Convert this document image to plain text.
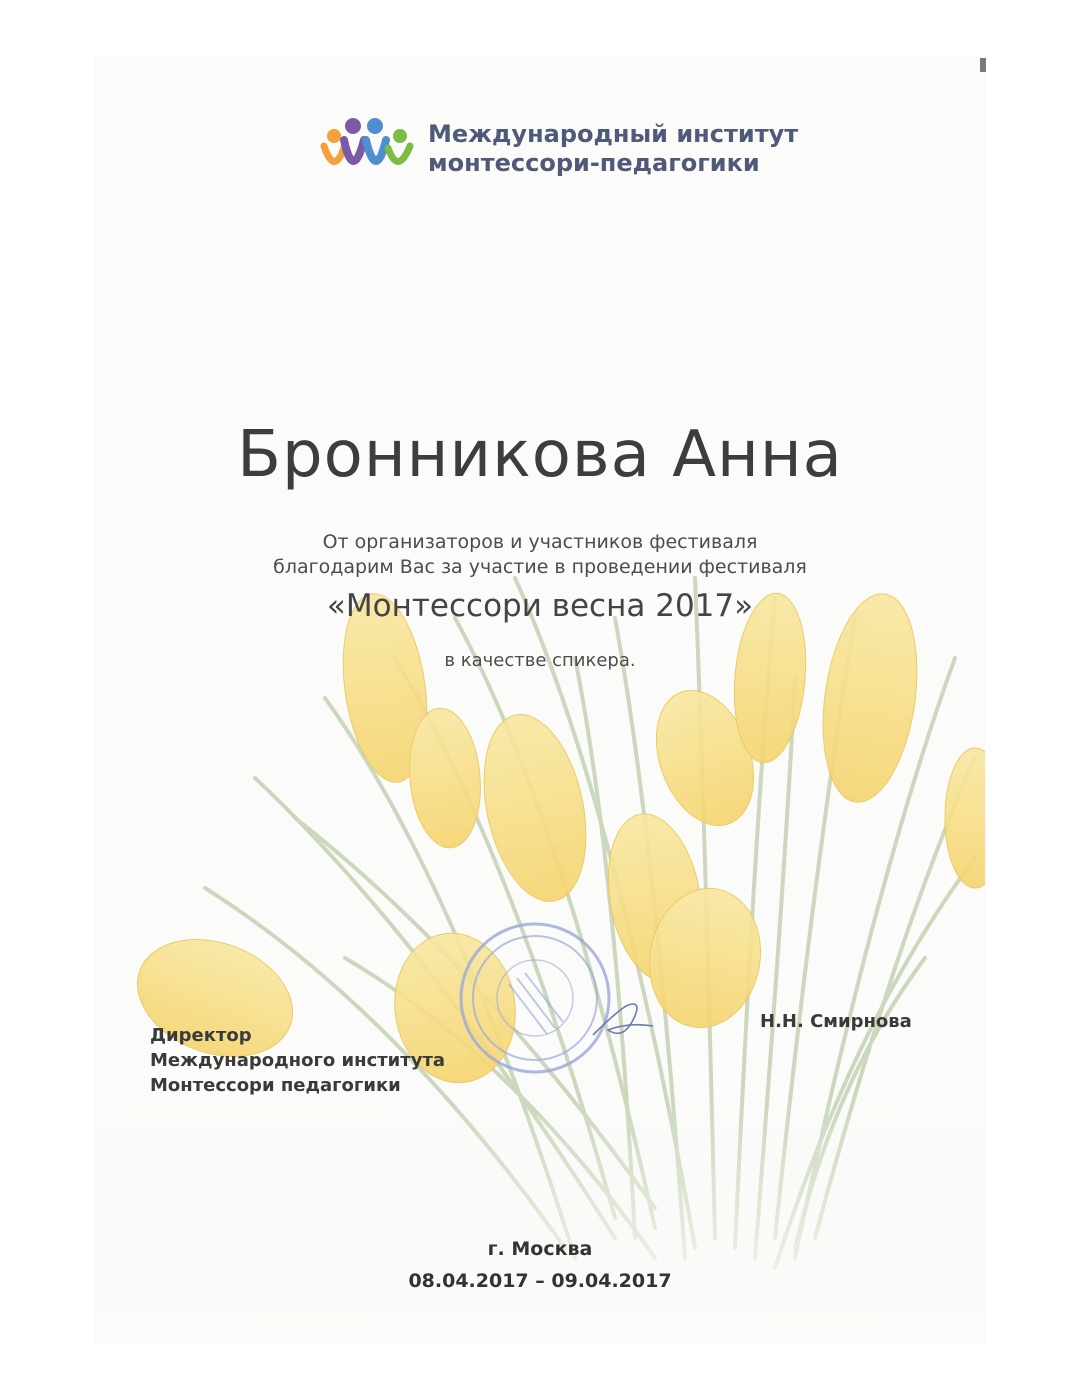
Международный институт
монтессори-педагогики
Бронникова Анна
От организаторов и участников фестиваля
благодарим Вас за участие в проведении фестиваля
«Монтессори весна 2017»
в качестве спикера.
Директор
Международного института
Монтессори педагогики
Н.Н. Смирнова
г. Москва
08.04.2017 – 09.04.2017
